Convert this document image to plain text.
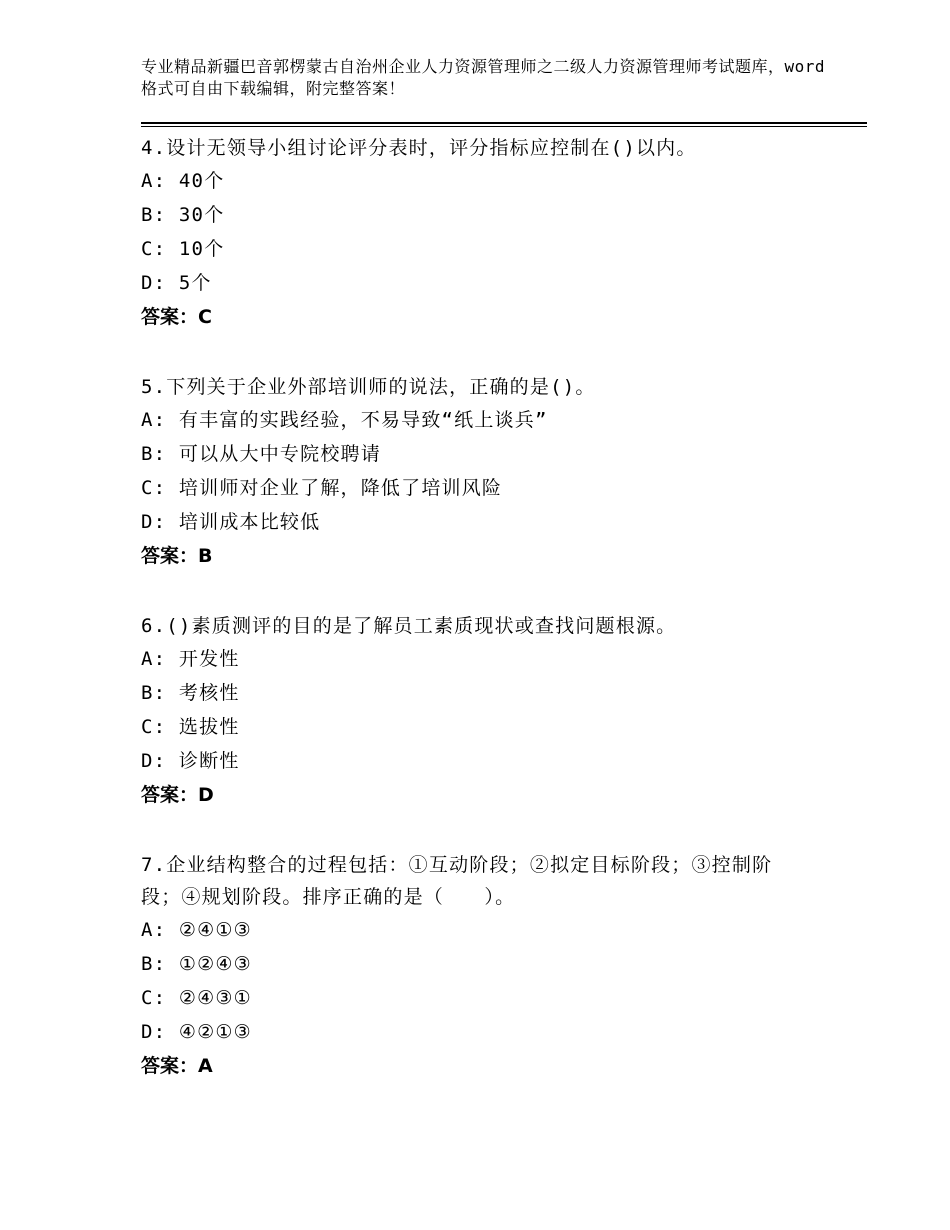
专业精品新疆巴音郭楞蒙古自治州企业人力资源管理师之二级人力资源管理师考试题库，word格式可自由下载编辑，附完整答案！

4.设计无领导小组讨论评分表时，评分指标应控制在()以内。

A: 40个

B: 30个

C: 10个

D: 5个

答案：C

5.下列关于企业外部培训师的说法，正确的是()。

A: 有丰富的实践经验，不易导致“纸上谈兵”

B: 可以从大中专院校聘请

C: 培训师对企业了解，降低了培训风险

D: 培训成本比较低

答案：B

6.()素质测评的目的是了解员工素质现状或查找问题根源。

A: 开发性

B: 考核性

C: 选拔性

D: 诊断性

答案：D

7.企业结构整合的过程包括：①互动阶段；②拟定目标阶段；③控制阶段；④规划阶段。排序正确的是（　　）。

A: ②④①③

B: ①②④③

C: ②④③①

D: ④②①③

答案：A
